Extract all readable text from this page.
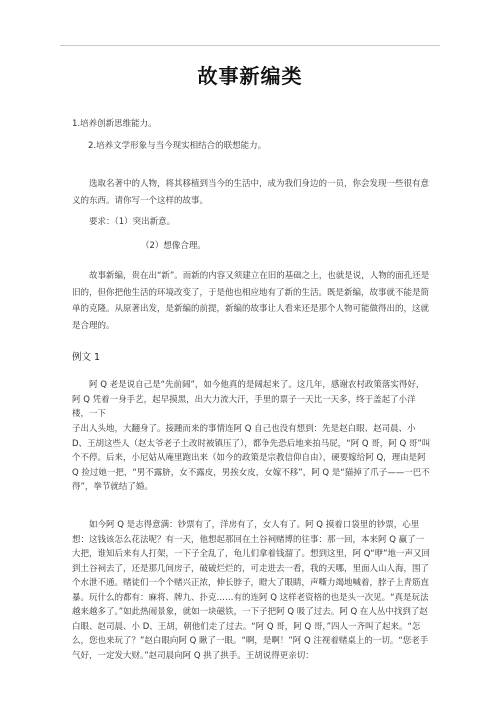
故事新编类
1.培养创新思维能力。
2.培养文学形象与当今现实相结合的联想能力。
选取名著中的人物，将其移植到当今的生活中，成为我们身边的一员，你会发现一些很有意义的东西。请你写一个这样的故事。
要求：（1）突出新意。
（2）想像合理。
故事新编，贵在出“新”。而新的内容又须建立在旧的基础之上，也就是说，人物的面孔还是旧的，但你把他生活的环境改变了，于是他也相应地有了新的生活。既是新编，故事就不能是简单的克隆。从原著出发，是新编的前提，新编的故事让人看来还是那个人物可能做得出的，这就是合理的。
例文 1
阿 Q 老是说自己是“先前阔”，如今他真的是阔起来了。这几年，感谢农村政策落实得好，阿 Q 凭着一身手艺，起早摸黑，出大力流大汗，手里的票子一天比一天多，终于盖起了小洋楼，一下
子出人头地，大翻身了。接踵而来的事情连阿 Q 自己也没有想到：先是赵白眼、赵司晨、小 D、王胡这些人（赵太爷老子土改时被镇压了），都争先恐后地来拍马屁，“阿 Q 哥，阿 Q 哥”叫个不停。后来，小尼姑从庵里跑出来（如今的政策是宗教信仰自由），硬要嫁给阿 Q，理由是阿 Q 捡过她一把，“男不露脐，女不露皮，男挨女皮，女嫁不移”，阿 Q 是“猫掉了爪子——一巴不得”，拳节就结了婚。
如今阿 Q 是志得意满：钞票有了，洋房有了，女人有了。阿 Q 摸着口袋里的钞票，心里想：这钱该怎么花法呢？有一天，他想起那回在土谷祠赌博的往事：那一回，本来阿 Q 赢了一大把，谁知后来有人打架，一下子全乱了，龟儿们拿着钱溜了。想到这里，阿 Q“咿”地一声又回到土谷祠去了，还是那几间房子，破破烂烂的，可走进去一看，我的天哪，里面人山人海，围了个水泄不通。赌徒们一个个赌兴正浓，伸长脖子，瞪大了眼睛，声嘶力竭地喊着，脖子上青筋直暴。玩什么的都有：麻将、牌九、扑克……有的连阿 Q 这样老资格的也是头一次见。“真是玩法越来越多了。”如此热闹景象，就如一块磁铁，一下子把阿 Q 吸了过去。阿 Q 在人丛中找到了赵白眼、赵司晨、小 D、王胡，朝他们走了过去。“阿 Q 哥，阿 Q 哥，”四人一齐叫了起来。“怎么，您也来玩了？”赵白眼向阿 Q 瞅了一眼。“啊，是啊！”阿 Q 注视着赌桌上的一切。“您老手气好，一定发大财。”赵司晨向阿 Q 拱了拱手。王胡说得更亲切：
